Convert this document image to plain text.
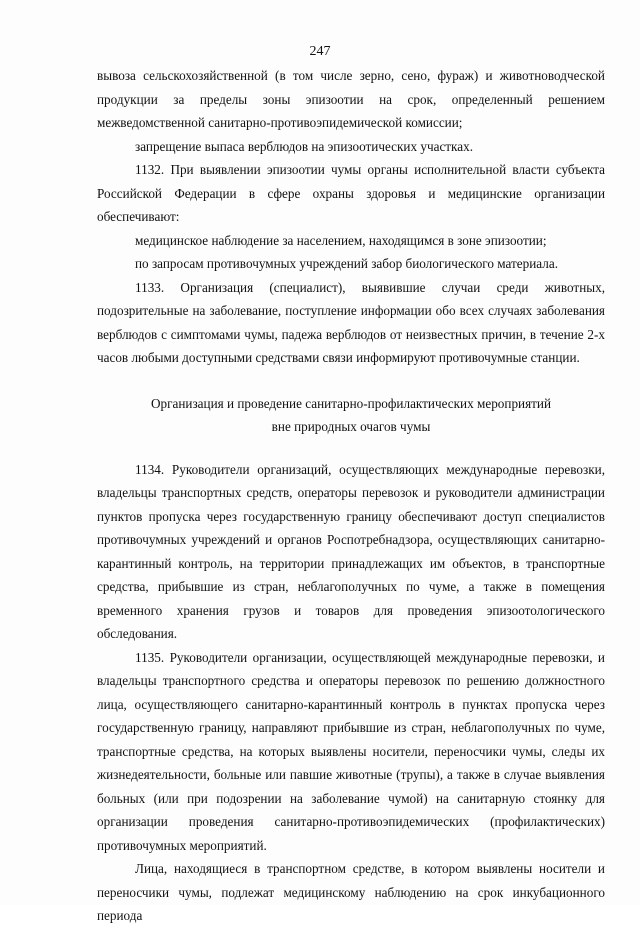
247

вывоза сельскохозяйственной (в том числе зерно, сено, фураж) и животноводческой продукции за пределы зоны эпизоотии на срок, определенный решением межведомственной санитарно-противоэпидемической комиссии;

запрещение выпаса верблюдов на эпизоотических участках.

1132. При выявлении эпизоотии чумы органы исполнительной власти субъекта Российской Федерации в сфере охраны здоровья и медицинские организации обеспечивают:

медицинское наблюдение за населением, находящимся в зоне эпизоотии;

по запросам противочумных учреждений забор биологического материала.

1133. Организация (специалист), выявившие случаи среди животных, подозрительные на заболевание, поступление информации обо всех случаях заболевания верблюдов с симптомами чумы, падежа верблюдов от неизвестных причин, в течение 2-х часов любыми доступными средствами связи информируют противочумные станции.

Организация и проведение санитарно-профилактических мероприятий
вне природных очагов чумы

1134. Руководители организаций, осуществляющих международные перевозки, владельцы транспортных средств, операторы перевозок и руководители администрации пунктов пропуска через государственную границу обеспечивают доступ специалистов противочумных учреждений и органов Роспотребнадзора, осуществляющих санитарно-карантинный контроль, на территории принадлежащих им объектов, в транспортные средства, прибывшие из стран, неблагополучных по чуме, а также в помещения временного хранения грузов и товаров для проведения эпизоотологического обследования.

1135. Руководители организации, осуществляющей международные перевозки, и владельцы транспортного средства и операторы перевозок по решению должностного лица, осуществляющего санитарно-карантинный контроль в пунктах пропуска через государственную границу, направляют прибывшие из стран, неблагополучных по чуме, транспортные средства, на которых выявлены носители, переносчики чумы, следы их жизнедеятельности, больные или павшие животные (трупы), а также в случае выявления больных (или при подозрении на заболевание чумой) на санитарную стоянку для организации проведения санитарно-противоэпидемических (профилактических) противочумных мероприятий.

Лица, находящиеся в транспортном средстве, в котором выявлены носители и переносчики чумы, подлежат медицинскому наблюдению на срок инкубационного периода
